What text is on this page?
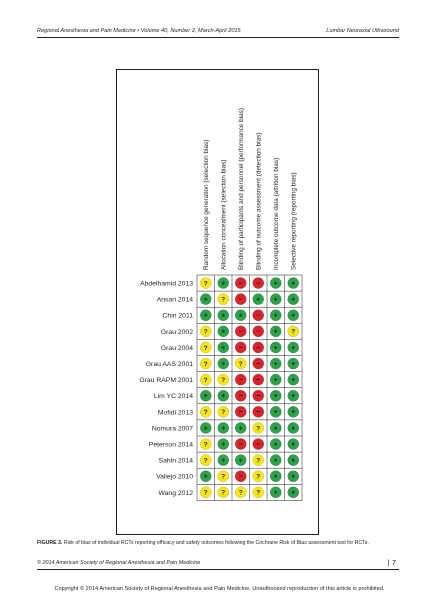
Regional Anesthesia and Pain Medicine • Volume 40, Number 2, March-April 2015	Lumbar Neuraxial Ultrasound
Random sequence generation (selection bias) Allocation concealment (selection bias) Blinding of participants and personnel (performance bias) Blinding of outcome assessment (detection bias) Incomplete outcome data (attrition bias) Selective reporting (reporting bias)
Abdelhamid 2013 ? + − − + +
Ansari 2014 + ? − + + +
Chin 2011 + + + − + +
Grau 2002 ? + − − + ?
Grau 2004 ? + − − + +
Grau AAS 2001 ? + ? − + +
Grau RAPM 2001 ? ? − − + +
Lim YC 2014 + + − − + +
Mofidi 2013 ? ? − − + +
Nomura 2007 + + + ? + +
Peterson 2014 ? + − − + +
Sahin 2014 ? + + ? + +
Vallejo 2010 + ? − ? + +
Wang 2012 ? ? ? ? + +
FIGURE 3. Risk of bias of individual RCTs reporting efficacy and safety outcomes following the Cochrane Risk of Bias assessment tool for RCTs.
© 2014 American Society of Regional Anesthesia and Pain Medicine	| 7
Copyright © 2014 American Society of Regional Anesthesia and Pain Medicine. Unauthorized reproduction of this article is prohibited.
